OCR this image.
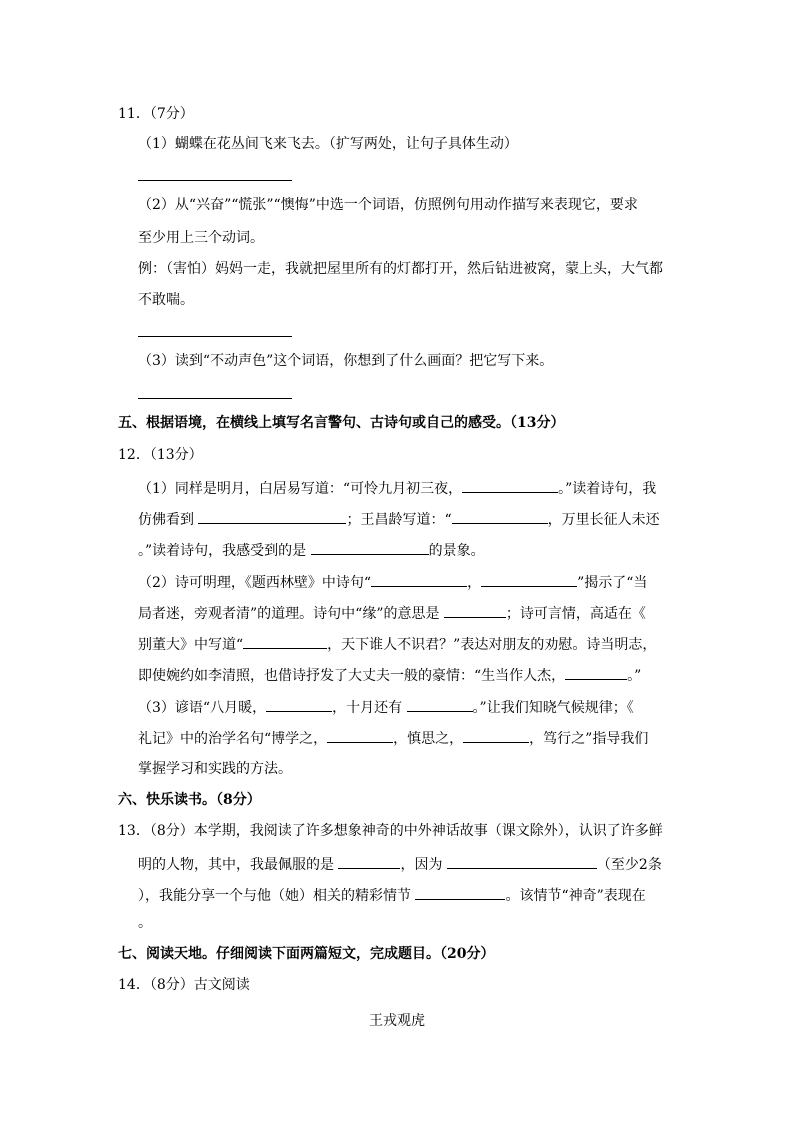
11．（7分）
（1）蝴蝶在花丛间飞来飞去。（扩写两处，让句子具体生动）
（2）从“兴奋”“慌张”“懊悔”中选一个词语，仿照例句用动作描写来表现它，要求
至少用上三个动词。
例：（害怕）妈妈一走，我就把屋里所有的灯都打开，然后钻进被窝，蒙上头，大气都
不敢喘。
（3）读到“不动声色”这个词语，你想到了什么画面？把它写下来。
五、根据语境，在横线上填写名言警句、古诗句或自己的感受。（13分）
12．（13分）
（1）同样是明月，白居易写道：“可怜九月初三夜，	。”读着诗句，我
仿佛看到	；王昌龄写道：“	，万里长征人未还
。”读着诗句，我感受到的是	的景象。
（2）诗可明理，《题西林壁》中诗句“	，	”揭示了“当
局者迷，旁观者清”的道理。诗句中“缘”的意思是	；诗可言情，高适在《
别董大》中写道“	，天下谁人不识君？”表达对朋友的劝慰。诗当明志，
即使婉约如李清照，也借诗抒发了大丈夫一般的豪情：“生当作人杰，	。”
（3）谚语“八月暖，	，十月还有	。”让我们知晓气候规律；《
礼记》中的治学名句“博学之，	，慎思之，	，笃行之”指导我们
掌握学习和实践的方法。
六、快乐读书。（8分）
13．（8分）本学期，我阅读了许多想象神奇的中外神话故事（课文除外），认识了许多鲜
明的人物，其中，我最佩服的是	，因为	（至少2条
），我能分享一个与他（她）相关的精彩情节	。该情节“神奇”表现在
。
七、阅读天地。仔细阅读下面两篇短文，完成题目。（20分）
14．（8分）古文阅读
王戎观虎
